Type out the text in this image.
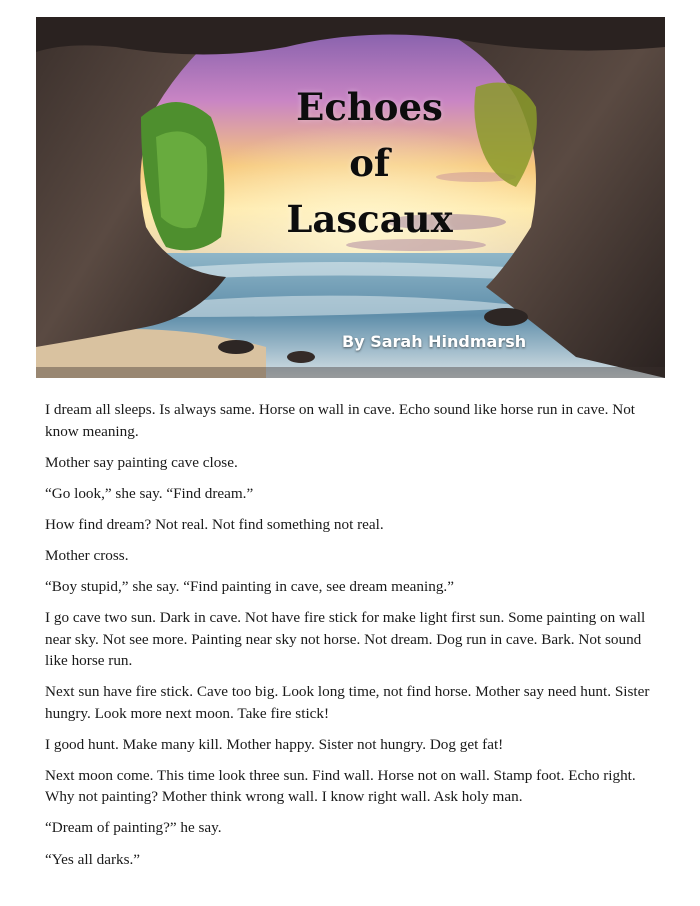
Echoes
of
Lascaux
By Sarah Hindmarsh

I dream all sleeps. Is always same. Horse on wall in cave. Echo sound like horse run in cave. Not know meaning.

Mother say painting cave close.

“Go look,” she say. “Find dream.”

How find dream? Not real. Not find something not real.

Mother cross.

“Boy stupid,” she say. “Find painting in cave, see dream meaning.”

I go cave two sun. Dark in cave. Not have fire stick for make light first sun. Some painting on wall near sky. Not see more. Painting near sky not horse. Not dream. Dog run in cave. Bark. Not sound like horse run.

Next sun have fire stick. Cave too big. Look long time, not find horse. Mother say need hunt. Sister hungry. Look more next moon. Take fire stick!

I good hunt. Make many kill. Mother happy. Sister not hungry. Dog get fat!

Next moon come. This time look three sun. Find wall. Horse not on wall. Stamp foot. Echo right. Why not painting? Mother think wrong wall. I know right wall. Ask holy man.

“Dream of painting?” he say.

“Yes all darks.”
